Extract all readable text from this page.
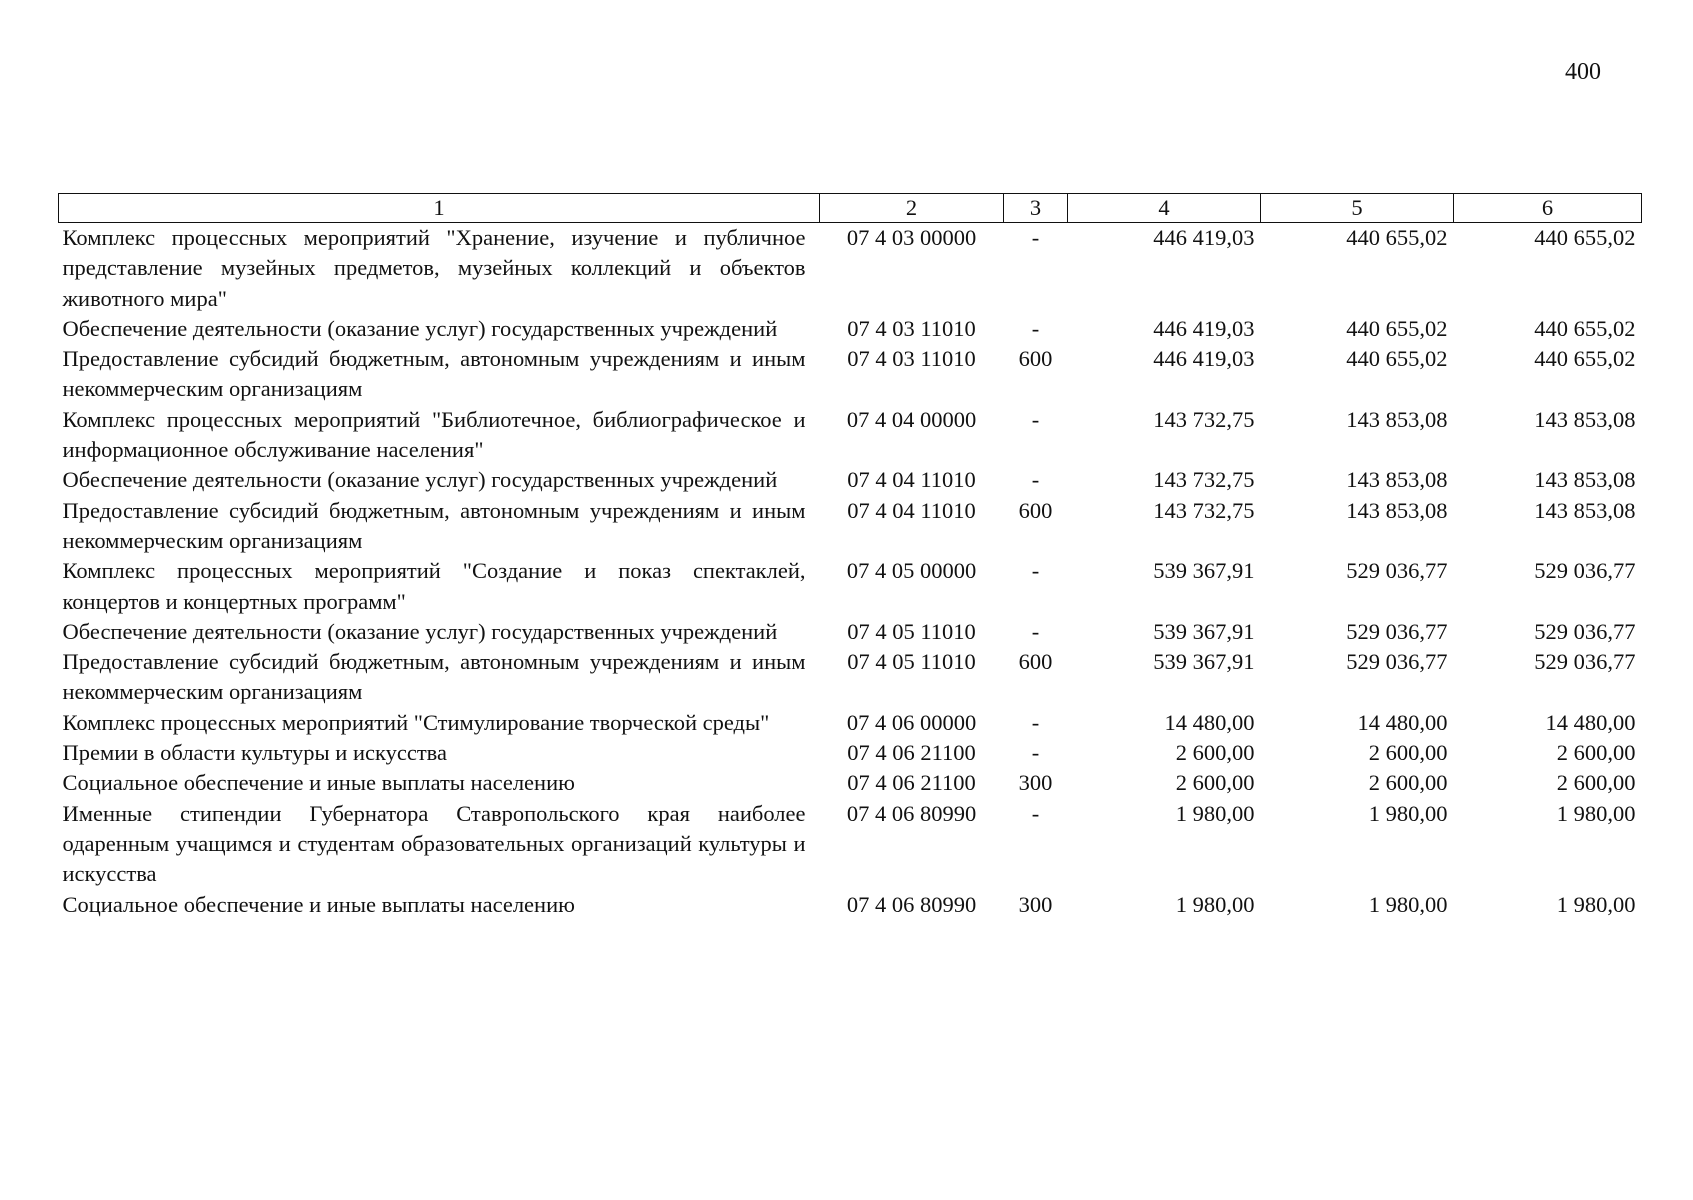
400
1	2	3	4	5	6
Комплекс процессных мероприятий "Хранение, изучение и публичное представление музейных предметов, музейных коллекций и объектов животного мира"	07 4 03 00000	-	446 419,03	440 655,02	440 655,02
Обеспечение деятельности (оказание услуг) государственных учреждений	07 4 03 11010	-	446 419,03	440 655,02	440 655,02
Предоставление субсидий бюджетным, автономным учреждениям и иным некоммерческим организациям	07 4 03 11010	600	446 419,03	440 655,02	440 655,02
Комплекс процессных мероприятий "Библиотечное, библиографическое и информационное обслуживание населения"	07 4 04 00000	-	143 732,75	143 853,08	143 853,08
Обеспечение деятельности (оказание услуг) государственных учреждений	07 4 04 11010	-	143 732,75	143 853,08	143 853,08
Предоставление субсидий бюджетным, автономным учреждениям и иным некоммерческим организациям	07 4 04 11010	600	143 732,75	143 853,08	143 853,08
Комплекс процессных мероприятий "Создание и показ спектаклей, концертов и концертных программ"	07 4 05 00000	-	539 367,91	529 036,77	529 036,77
Обеспечение деятельности (оказание услуг) государственных учреждений	07 4 05 11010	-	539 367,91	529 036,77	529 036,77
Предоставление субсидий бюджетным, автономным учреждениям и иным некоммерческим организациям	07 4 05 11010	600	539 367,91	529 036,77	529 036,77
Комплекс процессных мероприятий "Стимулирование творческой среды"	07 4 06 00000	-	14 480,00	14 480,00	14 480,00
Премии в области культуры и искусства	07 4 06 21100	-	2 600,00	2 600,00	2 600,00
Социальное обеспечение и иные выплаты населению	07 4 06 21100	300	2 600,00	2 600,00	2 600,00
Именные стипендии Губернатора Ставропольского края наиболее одаренным учащимся и студентам образовательных организаций культуры и искусства	07 4 06 80990	-	1 980,00	1 980,00	1 980,00
Социальное обеспечение и иные выплаты населению	07 4 06 80990	300	1 980,00	1 980,00	1 980,00
